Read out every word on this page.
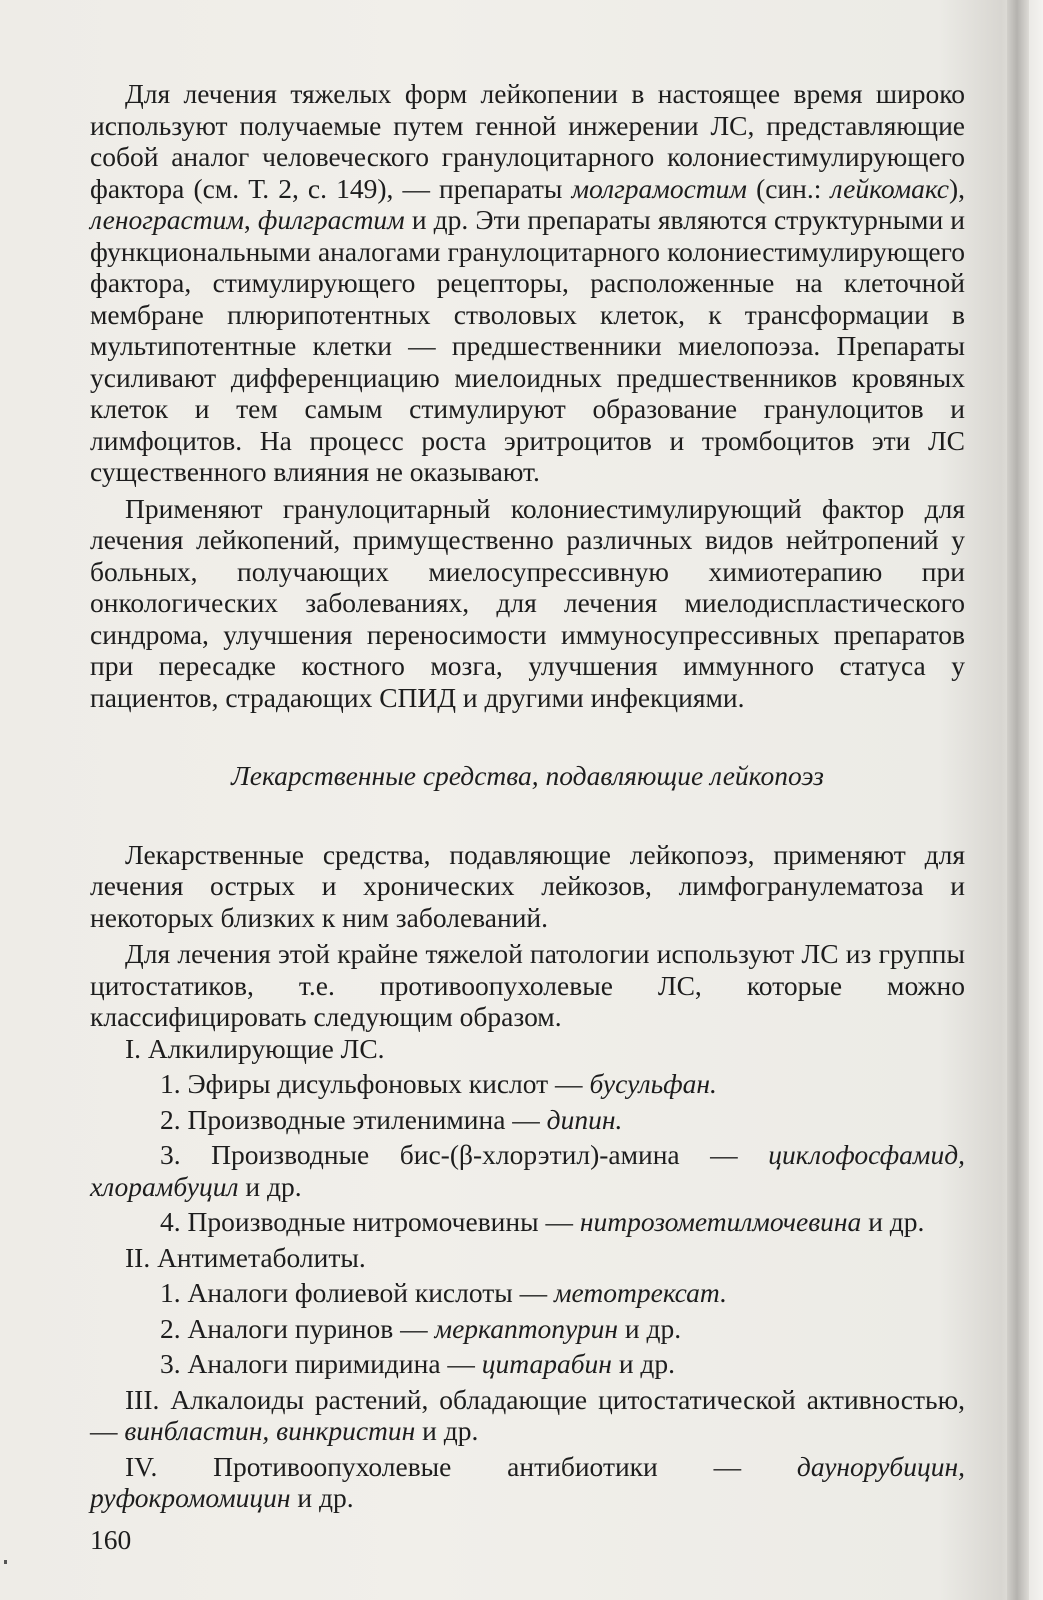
Для лечения тяжелых форм лейкопении в настоящее время широко используют получаемые путем генной инжерении ЛС, представляющие собой аналог человеческого гранулоцитарного колониестимулирующего фактора (см. Т. 2, с. 149), — препараты молграмостим (син.: лейкомакс), ленограстим, филграстим и др. Эти препараты являются структурными и функциональными аналогами гранулоцитарного колониестимулирующего фактора, стимулирующего рецепторы, расположенные на клеточной мембране плюрипотентных стволовых клеток, к трансформации в мультипотентные клетки — предшественники миелопоэза. Препараты усиливают дифференциацию миелоидных предшественников кровяных клеток и тем самым стимулируют образование гранулоцитов и лимфоцитов. На процесс роста эритроцитов и тромбоцитов эти ЛС существенного влияния не оказывают.

Применяют гранулоцитарный колониестимулирующий фактор для лечения лейкопений, примущественно различных видов нейтропений у больных, получающих миелосупрессивную химиотерапию при онкологических заболеваниях, для лечения миелодиспластического синдрома, улучшения переносимости иммуносупрессивных препаратов при пересадке костного мозга, улучшения иммунного статуса у пациентов, страдающих СПИД и другими инфекциями.

Лекарственные средства, подавляющие лейкопоэз

Лекарственные средства, подавляющие лейкопоэз, применяют для лечения острых и хронических лейкозов, лимфогранулематоза и некоторых близких к ним заболеваний.

Для лечения этой крайне тяжелой патологии используют ЛС из группы цитостатиков, т.е. противоопухолевые ЛС, которые можно классифицировать следующим образом.

I. Алкилирующие ЛС.

1. Эфиры дисульфоновых кислот — бусульфан.

2. Производные этиленимина — дипин.

3. Производные бис-(β-хлорэтил)-амина — циклофосфамид, хлорамбуцил и др.

4. Производные нитромочевины — нитрозометилмочевина и др.

II. Антиметаболиты.

1. Аналоги фолиевой кислоты — метотрексат.

2. Аналоги пуринов — меркаптопурин и др.

3. Аналоги пиримидина — цитарабин и др.

III. Алкалоиды растений, обладающие цитостатической активностью, — винбластин, винкристин и др.

IV. Противоопухолевые антибиотики — даунорубицин, руфокромомицин и др.

160
